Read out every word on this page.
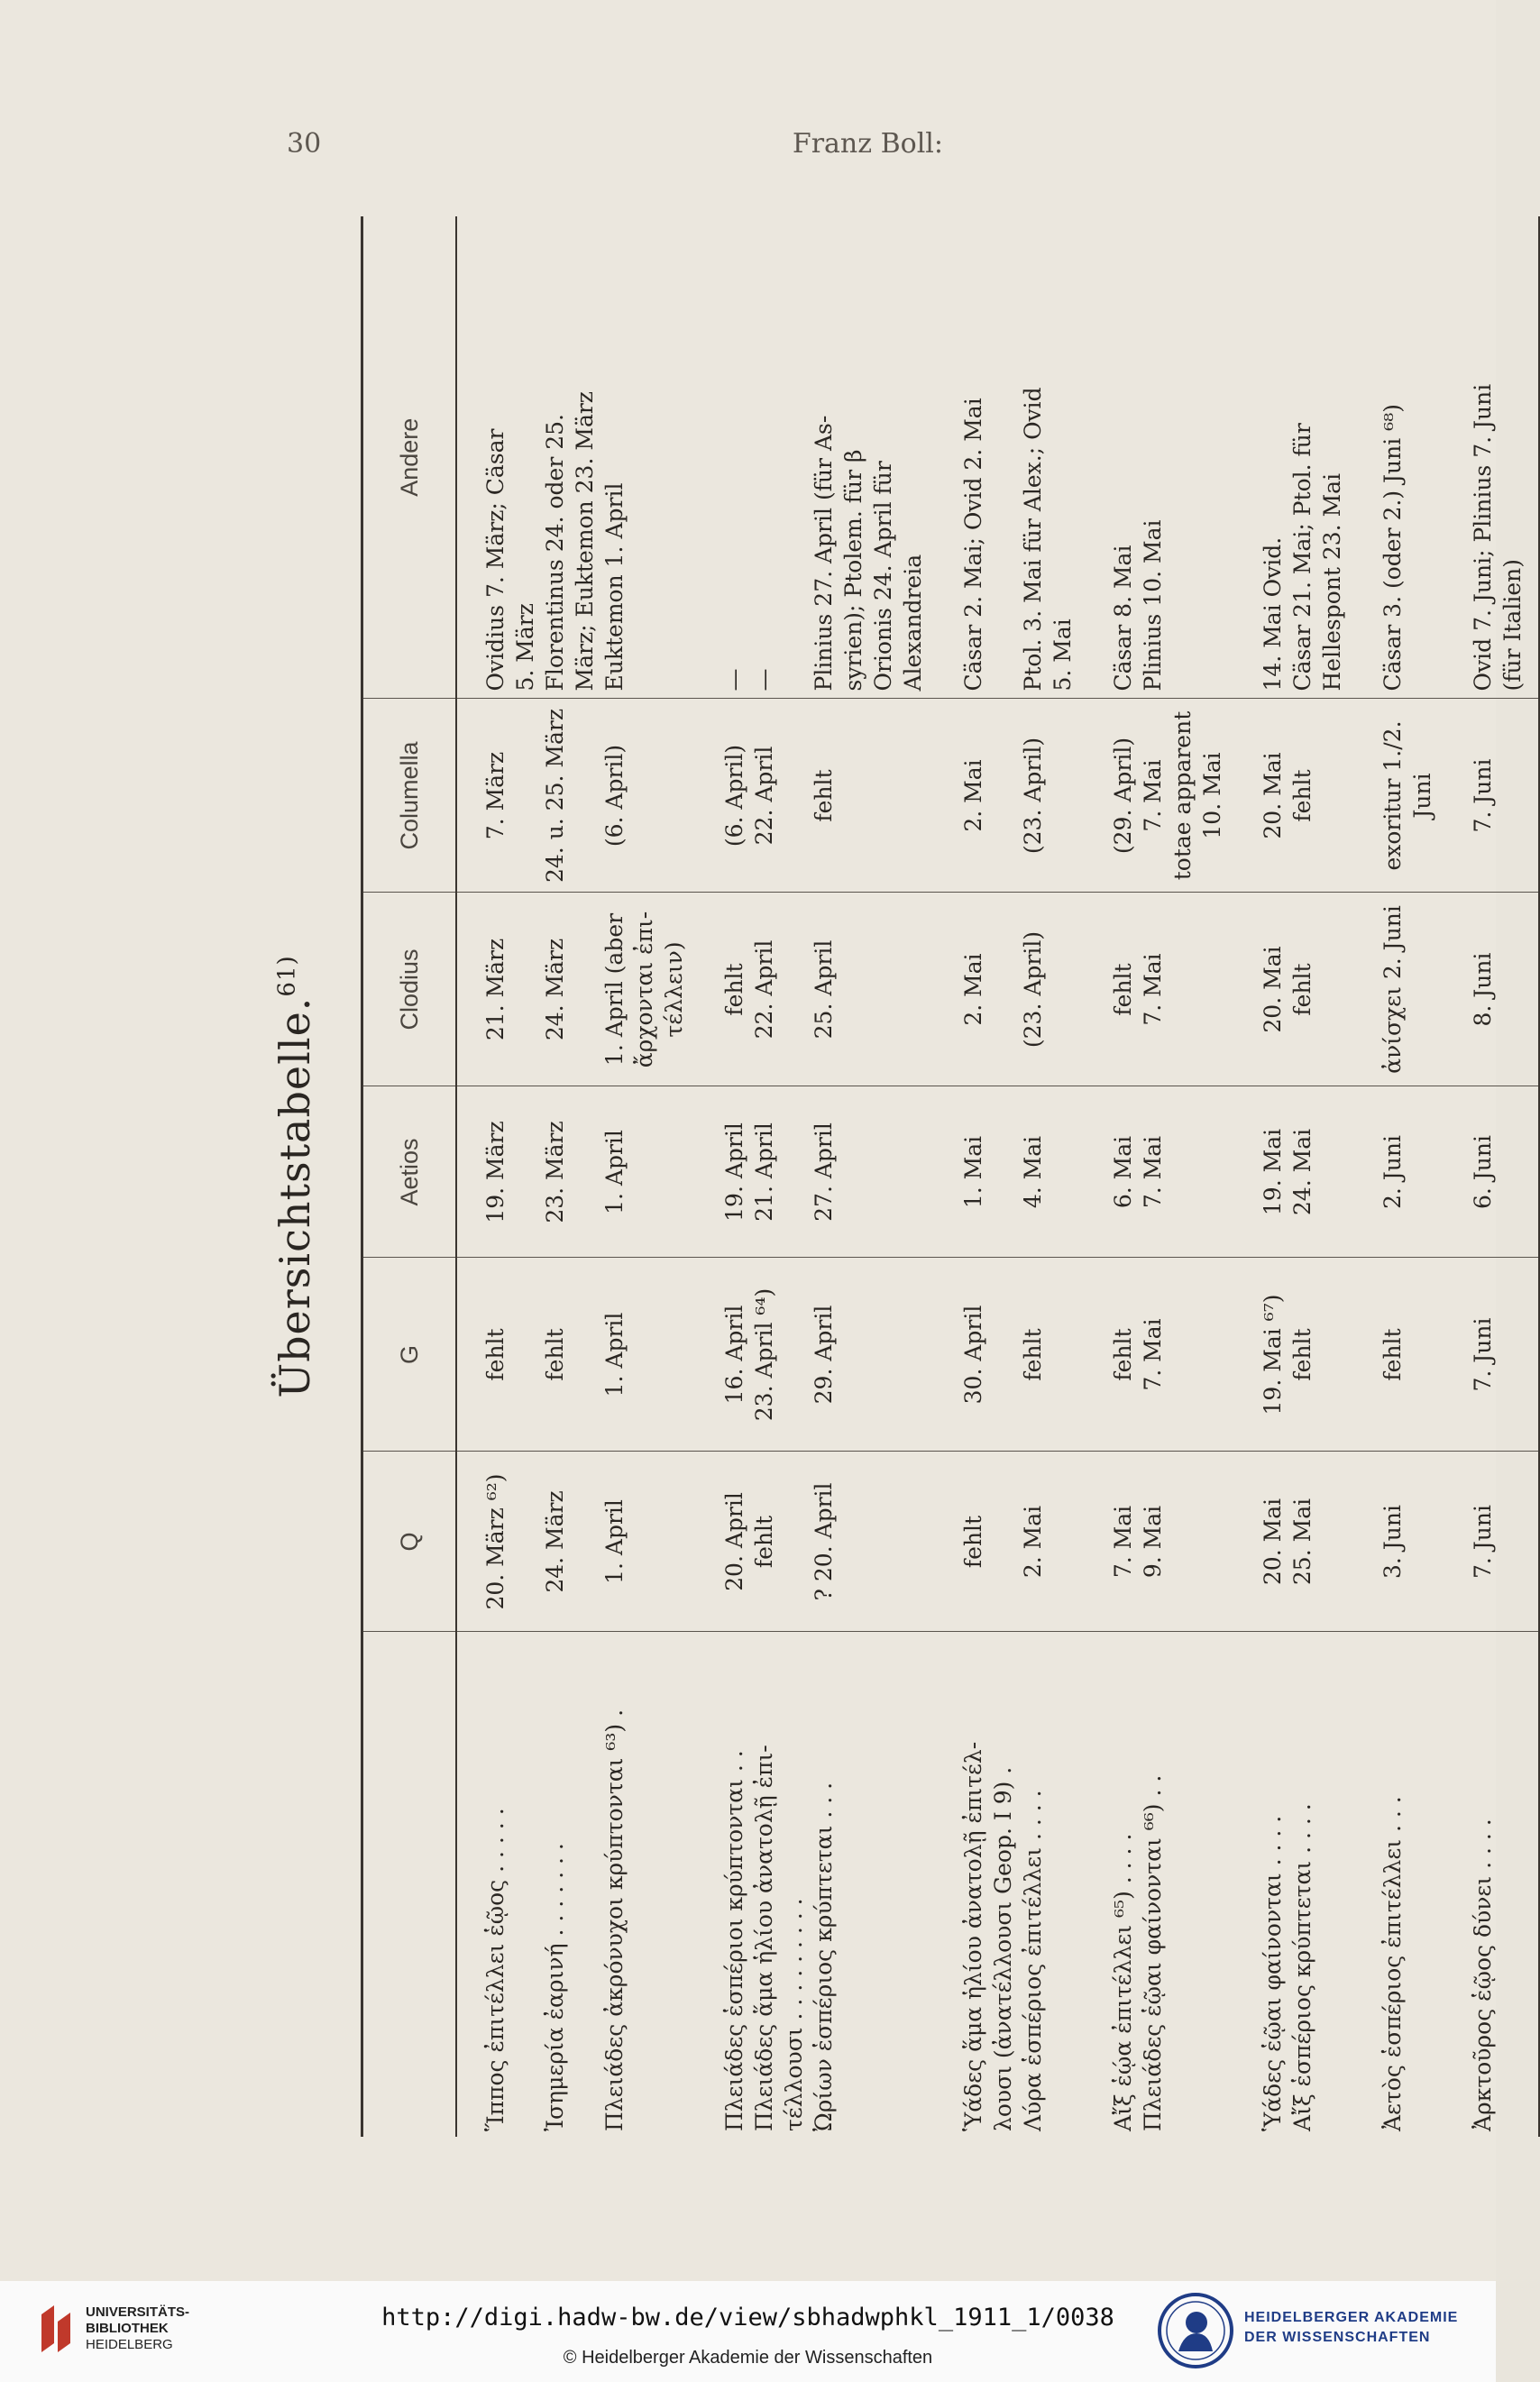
30	Franz Boll:
Übersichtstabelle.$^{61)}$
	Q	G	Aetios	Clodius	Columella	Andere

Ἵππος ἐπιτέλλει ἑῷος . . . . .	20. März ⁶²)	fehlt	19. März	21. März	7. März	Ovidius 7. März; Cäsar 5. März

Ἰσημερία ἐαρινή . . . . . . .	24. März	fehlt	23. März	24. März	24. u. 25. März	Florentinus 24. oder 25. März; Euktemon 23. März

Πλειάδες ἀκρόνυχοι κρύπτονται ⁶³) .	1. April	1. April	1. April	1. April (aber ἄρχονται ἐπι- τέλλειν)	(6. April)	Euktemon 1. April

Πλειάδες ἑσπέριοι κρύπτονται . .	20. April	16. April	19. April	fehlt	(6. April)	—

Πλειάδες ἅμα ἡλίου ἀνατολῇ ἐπι- τέλλουσι . . . . . . . . .	fehlt	23. April ⁶⁴)	21. April	22. April	22. April	—

Ὠρίων ἑσπέριος κρύπτεται . . .	? 20. April	29. April	27. April	25. April	fehlt	Plinius 27. April (für As- syrien); Ptolem. für β Orionis 24. April für Alexandreia

Ὑάδες ἅμα ἡλίου ἀνατολῇ ἐπιτέλ- λουσι (ἀνατέλλουσι Geop. I 9) .	fehlt	30. April	1. Mai	2. Mai	2. Mai	Cäsar 2. Mai; Ovid 2. Mai

Λύρα ἑσπέριος ἐπιτέλλει . . . .	2. Mai	fehlt	4. Mai	(23. April)	(23. April)	Ptol. 3. Mai für Alex.; Ovid 5. Mai

Αἴξ ἑῴα ἐπιτέλλει ⁶⁵) . . . .	7. Mai	fehlt	6. Mai	fehlt	(29. April)	Cäsar 8. Mai

Πλειάδες ἑῷαι φαίνονται ⁶⁶) . .	9. Mai	7. Mai	7. Mai	7. Mai	7. Mai totae apparent 10. Mai	Plinius 10. Mai

Ὑάδες ἑῷαι φαίνονται . . . .	20. Mai	19. Mai ⁶⁷)	19. Mai	20. Mai	20. Mai	14. Mai Ovid.

Αἴξ ἑσπέριος κρύπτεται . . . .	25. Mai	fehlt	24. Mai	fehlt	fehlt	Cäsar 21. Mai; Ptol. für Hellespont 23. Mai

Ἀετὸς ἑσπέριος ἐπιτέλλει . . .	3. Juni	fehlt	2. Juni	ἀνίσχει 2. Juni	exoritur 1./2. Juni	Cäsar 3. (oder 2.) Juni ⁶⁸)

Ἀρκτοῦρος ἑῷος δύνει . . . .	7. Juni	7. Juni	6. Juni	8. Juni	7. Juni	Ovid 7. Juni; Plinius 7. Juni (für Italien)
UNIVERSITÄTS-
BIBLIOTHEK
HEIDELBERG
http://digi.hadw-bw.de/view/sbhadwphkl_1911_1/0038
© Heidelberger Akademie der Wissenschaften
HEIDELBERGER AKADEMIE
DER WISSENSCHAFTEN
